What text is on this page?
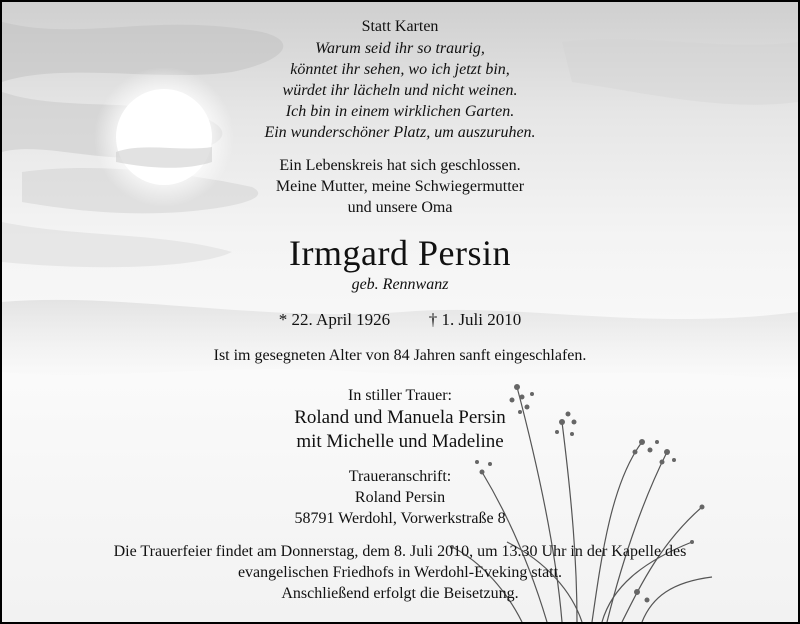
Statt Karten
Warum seid ihr so traurig,
könntet ihr sehen, wo ich jetzt bin,
würdet ihr lächeln und nicht weinen.
Ich bin in einem wirklichen Garten.
Ein wunderschöner Platz, um auszuruhen.
Ein Lebenskreis hat sich geschlossen.
Meine Mutter, meine Schwiegermutter
und unsere Oma
Irmgard Persin
geb. Rennwanz
* 22. April 1926 † 1. Juli 2010
Ist im gesegneten Alter von 84 Jahren sanft eingeschlafen.
In stiller Trauer:
Roland und Manuela Persin
mit Michelle und Madeline
Traueranschrift:
Roland Persin
58791 Werdohl, Vorwerkstraße 8
Die Trauerfeier findet am Donnerstag, dem 8. Juli 2010, um 13.30 Uhr in der Kapelle des
evangelischen Friedhofs in Werdohl-Eveking statt.
Anschließend erfolgt die Beisetzung.
